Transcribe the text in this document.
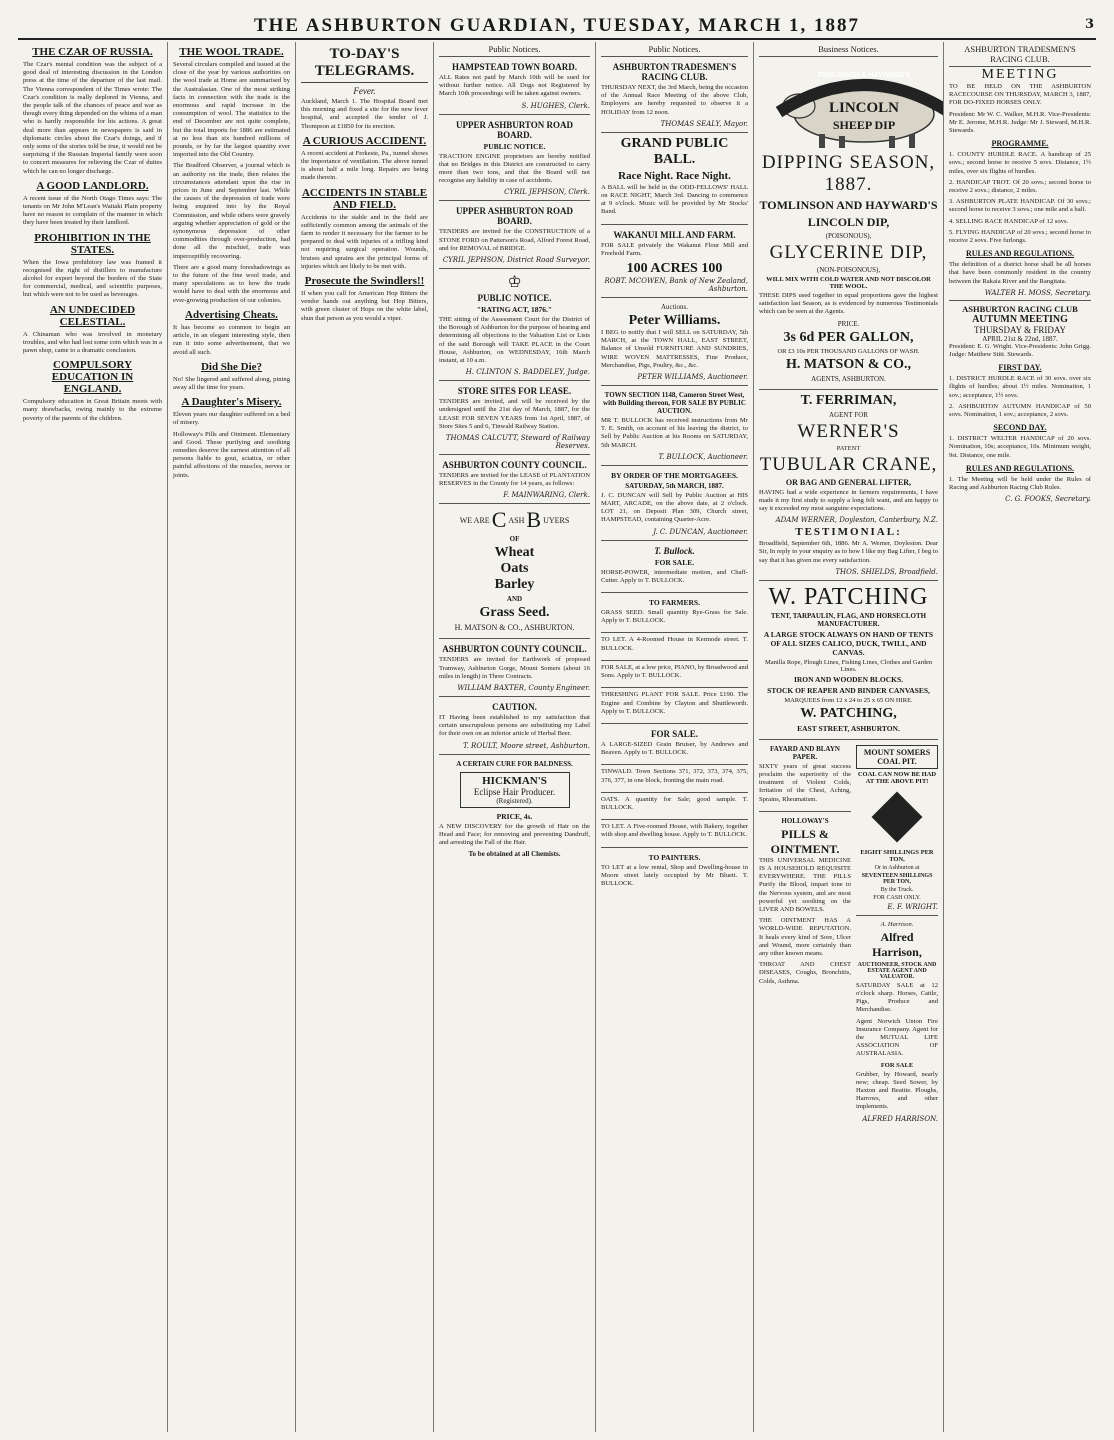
THE ASHBURTON GUARDIAN, TUESDAY, MARCH 1, 1887	3
THE CZAR OF RUSSIA.

The Czar's mental condition was the subject of a good deal of interesting discussion in the London press at the time of the departure of the last mail. The Vienna correspondent of the Times wrote: The Czar's condition is really deplored in Vienna, and the people talk of the chances of peace and war as though every thing depended on the whims of a man who is hardly responsible for his actions. A great deal more than appears in newspapers is said in diplomatic circles about the Czar's doings, and if only some of the stories told be true, it would not be surprising if the Russian Imperial family were soon to concert measures for relieving the Czar of duties which he can no longer discharge.

A GOOD LANDLORD.

A recent issue of the North Otago Times says: The tenants on Mr John M'Lean's Waitaki Plain property have no reason to complain of the manner in which they have been treated by their landlord.

PROHIBITION IN THE STATES.

When the Iowa prohibitory law was framed it recognised the right of distillers to manufacture alcohol for export beyond the borders of the State for commercial, medical, and scientific purposes, but which were not to be used as beverages.

AN UNDECIDED CELESTIAL.

A Chinaman who was involved in monetary troubles, and who had lost some coin which was in a pawn shop, came to a dramatic conclusion.

COMPULSORY EDUCATION IN ENGLAND.

Compulsory education in Great Britain meets with many drawbacks, owing mainly to the extreme poverty of the parents of the children.

THE WOOL TRADE.

Several circulars compiled and issued at the close of the year by various authorities on the wool trade at Home are summarised by the Australasian. One of the most striking facts in connection with the trade is the enormous and rapid increase in the consumption of wool. The statistics to the end of December are not quite complete, but the total imports for 1886 are estimated at no less than six hundred millions of pounds, or by far the largest quantity ever imported into the Old Country.

The Bradford Observer, a journal which is an authority on the trade, then relates the circumstances attendant upon the rise in prices in June and September last. While the causes of the depression of trade were being enquired into by the Royal Commission, and while others were gravely arguing whether appreciation of gold or the synonymous depression of other commodities through over-production, had done all the mischief, trade was imperceptibly recovering.

There are a good many foreshadowings as to the future of the fine wool trade, and many speculations as to how the trade would have to deal with the enormous and ever-growing production of our colonies.

Advertising Cheats.

It has become so common to begin an article, in an elegant interesting style, then run it into some advertisement, that we avoid all such.

Did She Die?

No! She lingered and suffered along, pining away all the time for years.

A Daughter's Misery.

Eleven years our daughter suffered on a bed of misery.

Holloway's Pills and Ointment. Elementary and Good. These purifying and soothing remedies deserve the earnest attention of all persons liable to gout, sciatica, or other painful affections of the muscles, nerves or joints.

TO-DAY'S TELEGRAMS.
Fever.

Auckland, March 1. The Hospital Board met this morning and fixed a site for the new fever hospital, and accepted the tender of J. Thompson at £1850 for its erection.

A CURIOUS ACCIDENT.

A recent accident at Ferkeste, Pa., tunnel shows the importance of ventilation. The above tunnel is about half a mile long. Repairs are being made therein.

ACCIDENTS IN STABLE AND FIELD.

Accidents to the stable and in the field are sufficiently common among the animals of the farm to render it necessary for the farmer to be prepared to deal with injuries of a trifling kind not requiring surgical operation. Wounds, bruises and sprains are the principal forms of injuries which are likely to be met with.

Prosecute the Swindlers!!

If when you call for American Hop Bitters the vendor hands out anything but Hop Bitters, with green cluster of Hops on the white label, shun that person as you would a viper.

Public Notices.
HAMPSTEAD TOWN BOARD.

ALL Rates not paid by March 10th will be sued for without further notice. All Dogs not Registered by March 10th proceedings will be taken against owners.

S. HUGHES, Clerk.
UPPER ASHBURTON ROAD BOARD.
PUBLIC NOTICE.

TRACTION ENGINE proprietors are hereby notified that no Bridges in this District are constructed to carry more than two tons, and that the Board will not recognise any liability in case of accidents.

CYRIL JEPHSON, Clerk.
UPPER ASHBURTON ROAD BOARD.

TENDERS are invited for the CONSTRUCTION of a STONE FORD on Patterson's Road, Alford Forest Road, and for REMOVAL of BRIDGE.

CYRIL JEPHSON, District Road Surveyor.
♔
PUBLIC NOTICE.
"RATING ACT, 1876."

THE sitting of the Assessment Court for the District of the Borough of Ashburton for the purpose of hearing and determining all objections to the Valuation List or Lists of the said Borough will TAKE PLACE in the Court House, Ashburton, on WEDNESDAY, 16th March instant, at 10 a.m.

H. CLINTON S. BADDELEY, Judge.
STORE SITES FOR LEASE.

TENDERS are invited, and will be received by the undersigned until the 21st day of March, 1887, for the LEASE FOR SEVEN YEARS from 1st April, 1887, of Store Sites 5 and 6, Tinwald Railway Station.

THOMAS CALCUTT, Steward of Railway Reserves.
ASHBURTON COUNTY COUNCIL.

TENDERS are invited for the LEASE of PLANTATION RESERVES in the County for 14 years, as follows:

F. MAINWARING, Clerk.
WE ARE C ASH B UYERS
OF
Wheat
Oats
Barley
AND
Grass Seed.
H. MATSON & CO., ASHBURTON.
ASHBURTON COUNTY COUNCIL.

TENDERS are invited for Earthwork of proposed Tramway, Ashburton Gorge, Mount Somers (about 16 miles in length) in Three Contracts.

WILLIAM BAXTER, County Engineer.
CAUTION.

IT Having been established to my satisfaction that certain unscrupulous persons are substituting my Label for their own on an inferior article of Herbal Beer.

T. ROULT, Moore street, Ashburton.
A CERTAIN CURE FOR BALDNESS.
HICKMAN'S
Eclipse Hair Producer.
(Registered).
PRICE, 4s.

A NEW DISCOVERY for the growth of Hair on the Head and Face; for removing and preventing Dandruff, and arresting the Fall of the Hair.

To be obtained at all Chemists.
Public Notices.
ASHBURTON TRADESMEN'S RACING CLUB.

THURSDAY NEXT, the 3rd March, being the occasion of the Annual Race Meeting of the above Club, Employers are hereby requested to observe it a HOLIDAY from 12 noon.

THOMAS SEALY, Mayor.
GRAND PUBLIC BALL.
Race Night. Race Night.

A BALL will be held in the ODD-FELLOWS' HALL on RACE NIGHT, March 3rd. Dancing to commence at 9 o'clock. Music will be provided by Mr Stocks' Band.

WAKANUI MILL AND FARM.

FOR SALE privately the Wakanui Flour Mill and Freehold Farm.

100 ACRES 100
ROBT. MCOWEN, Bank of New Zealand, Ashburton.
Auctions.
Peter Williams.

I BEG to notify that I will SELL on SATURDAY, 5th MARCH, at the TOWN HALL, EAST STREET, Balance of Unsold FURNITURE AND SUNDRIES, WIRE WOVEN MATTRESSES, Fine Produce, Merchandise, Pigs, Poultry, &c., &c.

PETER WILLIAMS, Auctioneer.
TOWN SECTION 1148, Cameron Street West, with Building thereon, FOR SALE BY PUBLIC AUCTION.

MR T. BULLOCK has received instructions from Mr T. E. Smith, on account of his leaving the district, to Sell by Public Auction at his Rooms on SATURDAY, 5th MARCH.

T. BULLOCK, Auctioneer.
BY ORDER OF THE MORTGAGEES.
SATURDAY, 5th MARCH, 1887.

J. C. DUNCAN will Sell by Public Auction at HIS MART, ARCADE, on the above date, at 2 o'clock. LOT 21, on Deposit Plan 309, Church street, HAMPSTEAD, containing Quarter-Acre.

J. C. DUNCAN, Auctioneer.
T. Bullock.
FOR SALE.

HORSE-POWER, intermediate motion, and Chaff-Cutter. Apply to T. BULLOCK.

TO FARMERS.

GRASS SEED. Small quantity Rye-Grass for Sale. Apply to T. BULLOCK.

TO LET. A 4-Roomed House in Kermode street. T. BULLOCK.

FOR SALE, at a low price, PIANO, by Broadwood and Sons. Apply to T. BULLOCK.

THRESHING PLANT FOR SALE. Price £190. The Engine and Combine by Clayton and Shuttleworth. Apply to T. BULLOCK.

FOR SALE.

A LARGE-SIZED Grain Bruiser, by Andrews and Beaven. Apply to T. BULLOCK.

TINWALD. Town Sections 371, 372, 373, 374, 375, 376, 377, in one block, fronting the main road.

OATS. A quantity for Sale; good sample. T. BULLOCK.

TO LET. A Five-roomed House, with Bakery, together with shop and dwelling house. Apply to T. BULLOCK.

TO PAINTERS.

TO LET at a low rental, Shop and Dwelling-house in Moore street lately occupied by Mr Bluett. T. BULLOCK.

Business Notices.
TOMLINSON & HAYWARD'S
LINCOLN
SHEEP DIP
DIPPING SEASON, 1887.
TOMLINSON AND HAYWARD'S
LINCOLN DIP,
(POISONOUS),
GLYCERINE DIP,
(NON-POISONOUS),
WILL MIX WITH COLD WATER AND NOT DISCOLOR THE WOOL.

THESE DIPS used together in equal proportions gave the highest satisfaction last Season, as is evidenced by numerous Testimonials which can be seen at the Agents.

PRICE.
3s 6d PER GALLON,
OR £3 10s PER THOUSAND GALLONS OF WASH.
H. MATSON & CO.,
AGENTS, ASHBURTON.
T. FERRIMAN,
AGENT FOR
WERNER'S
PATENT
TUBULAR CRANE,
OR BAG AND GENERAL LIFTER,

HAVING had a wide experience in farmers requirements, I have made it my first study to supply a long felt want, and am happy to say it exceeded my most sanguine expectations.

ADAM WERNER, Doyleston, Canterbury, N.Z.
TESTIMONIAL:

Broadfield, September 6th, 1886. Mr A. Werner, Doyleston. Dear Sir, In reply to your enquiry as to how I like my Bag Lifter, I beg to say that it has given me every satisfaction.

THOS. SHIELDS, Broadfield.
W. PATCHING
TENT, TARPAULIN, FLAG, AND HORSECLOTH MANUFACTURER.
A LARGE STOCK ALWAYS ON HAND OF TENTS OF ALL SIZES CALICO, DUCK, TWILL, AND CANVAS.
Manilla Rope, Plough Lines, Fishing Lines, Clothes and Garden Lines.
IRON AND WOODEN BLOCKS.
STOCK OF REAPER AND BINDER CANVASES,
MARQUEES from 12 x 24 to 25 x 65 ON HIRE.
W. PATCHING,
EAST STREET, ASHBURTON.
FAYARD AND BLAYN PAPER.

SIXTY years of great success proclaim the superiority of the treatment of Violent Colds, Irritation of the Chest, Aching, Sprains, Rheumatism.

HOLLOWAY'S
PILLS & OINTMENT.

THIS UNIVERSAL MEDICINE IS A HOUSEHOLD REQUISITE EVERYWHERE. THE PILLS Purify the Blood, impart tone to the Nervous system, and are most powerful yet soothing on the LIVER AND BOWELS.

THE OINTMENT HAS A WORLD-WIDE REPUTATION. It heals every kind of Sore, Ulcer and Wound, more certainly than any other known means.

THROAT AND CHEST DISEASES, Coughs, Bronchitis, Colds, Asthma.

MOUNT SOMERS COAL PIT.
COAL CAN NOW BE HAD AT THE ABOVE PIT!
EIGHT SHILLINGS PER TON,
Or in Ashburton at
SEVENTEEN SHILLINGS PER TON,
By the Truck.
FOR CASH ONLY.
E. F. WRIGHT.
A. Harrison.
Alfred Harrison,
AUCTIONEER, STOCK AND ESTATE AGENT AND VALUATOR.

SATURDAY SALE at 12 o'clock sharp. Horses, Cattle, Pigs, Produce and Merchandise.

Agent Norwich Union Fire Insurance Company. Agent for the MUTUAL LIFE ASSOCIATION OF AUSTRALASIA.

FOR SALE

Grubber, by Howard, nearly new; cheap. Seed Sower, by Haxton and Beattie. Ploughs, Harrows, and other implements.

ALFRED HARRISON.
ASHBURTON TRADESMEN'S RACING CLUB.
MEETING

TO BE HELD ON THE ASHBURTON RACECOURSE ON THURSDAY, MARCH 3, 1887, FOR DO-FIXED HORSES ONLY.

President: Mr W. C. Walker, M.H.R. Vice-Presidents: Mr E. Jerome, M.H.R. Judge: Mr J. Steward, M.H.R. Stewards.

PROGRAMME.

1. COUNTY HURDLE RACE. A handicap of 25 sovs.; second horse to receive 5 sovs. Distance, 1½ miles, over six flights of hurdles.

2. HANDICAP TROT. Of 20 sovs.; second horse to receive 2 sovs.; distance, 2 miles.

3. ASHBURTON PLATE HANDICAP. Of 30 sovs.; second horse to receive 3 sovs.; one mile and a half.

4. SELLING RACE HANDICAP of 12 sovs.

5. FLYING HANDICAP of 20 sovs.; second horse to receive 2 sovs. Five furlongs.

RULES AND REGULATIONS.

The definition of a district horse shall be all horses that have been commonly resident in the country between the Rakaia River and the Rangitata.

WALTER H. MOSS, Secretary.
ASHBURTON RACING CLUB
AUTUMN MEETING
THURSDAY & FRIDAY
APRIL 21st & 22nd, 1887.

President: E. G. Wright. Vice-Presidents: John Grigg. Judge: Matthew Stitt. Stewards.

FIRST DAY.

1. DISTRICT HURDLE RACE of 30 sovs. over six flights of hurdles; about 1½ miles. Nomination, 1 sov.; acceptance, 1½ sovs.

2. ASHBURTON AUTUMN HANDICAP of 50 sovs. Nomination, 1 sov.; acceptance, 2 sovs.

SECOND DAY.

1. DISTRICT WELTER HANDICAP of 20 sovs. Nomination, 10s; acceptance, 10s. Minimum weight, 9st. Distance, one mile.

RULES AND REGULATIONS.

1. The Meeting will be held under the Rules of Racing and Ashburton Racing Club Rules.

C. G. FOOKS, Secretary.
